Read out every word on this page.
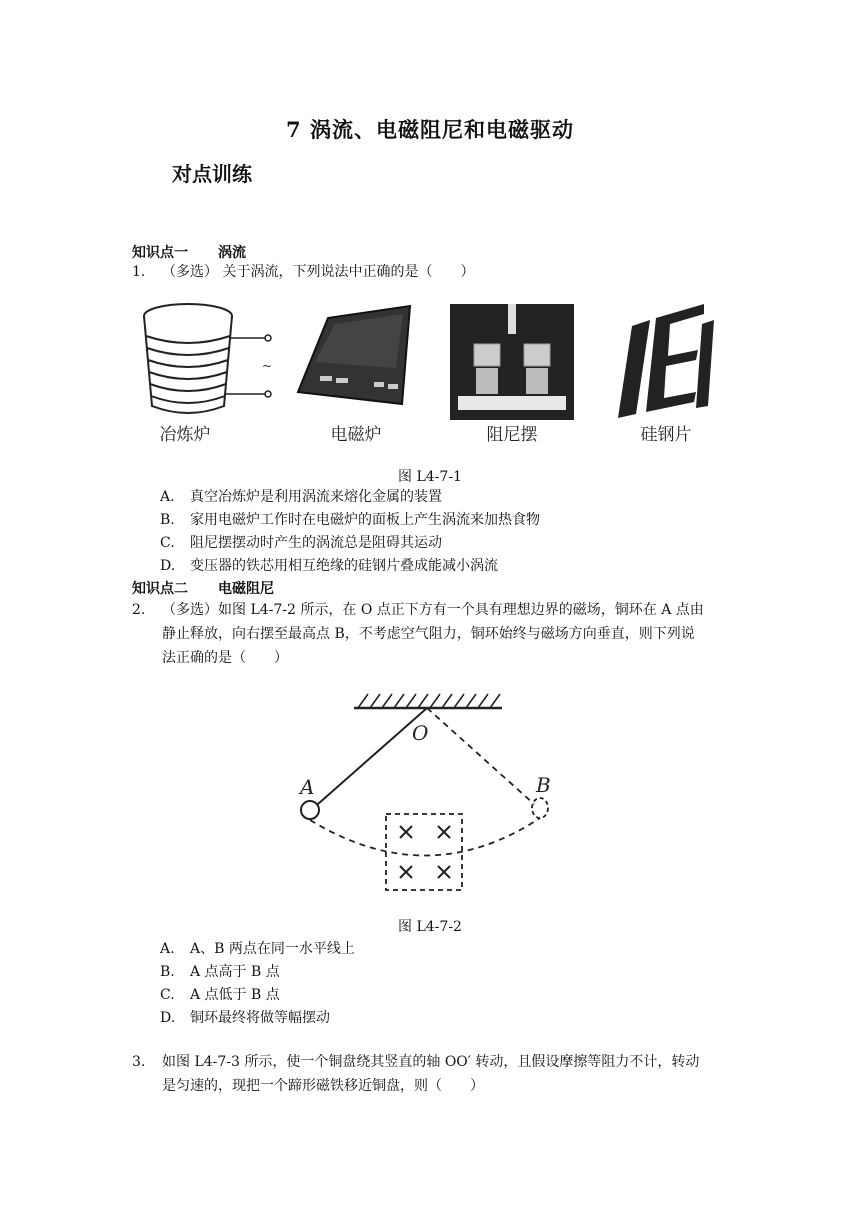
7 涡流、电磁阻尼和电磁驱动
对点训练
知识点一 涡流
1. （多选） 关于涡流，下列说法中正确的是（　　）
~
冶炼炉	电磁炉	阻尼摆	硅钢片
图 L4-7-1
A. 真空冶炼炉是利用涡流来熔化金属的装置
B. 家用电磁炉工作时在电磁炉的面板上产生涡流来加热食物
C. 阻尼摆摆动时产生的涡流总是阻碍其运动
D. 变压器的铁芯用相互绝缘的硅钢片叠成能减小涡流
知识点二 电磁阻尼
2. （多选）如图 L4-7-2 所示，在 O 点正下方有一个具有理想边界的磁场，铜环在 A 点由
静止释放，向右摆至最高点 B，不考虑空气阻力，铜环始终与磁场方向垂直，则下列说
法正确的是（　　）
O
A	B
图 L4-7-2
A. A、B 两点在同一水平线上
B. A 点高于 B 点
C. A 点低于 B 点
D. 铜环最终将做等幅摆动
3. 如图 L4-7-3 所示，使一个铜盘绕其竖直的轴 OO′ 转动，且假设摩擦等阻力不计，转动
是匀速的，现把一个蹄形磁铁移近铜盘，则（　　）
